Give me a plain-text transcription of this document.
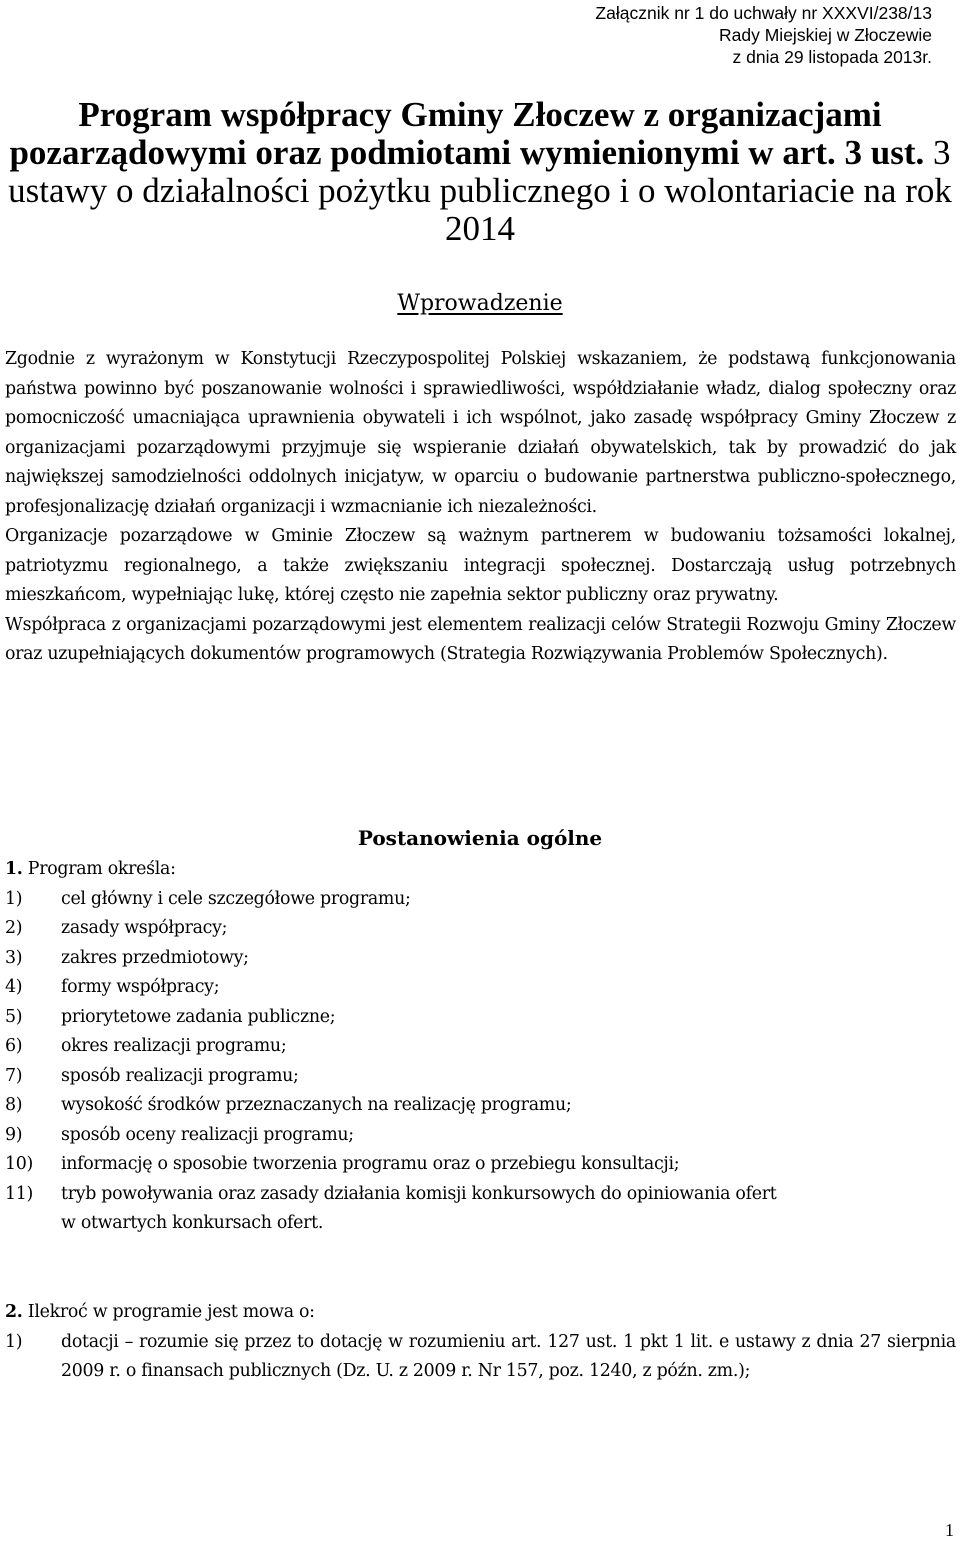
Załącznik nr 1 do uchwały nr XXXVI/238/13
Rady Miejskiej w Złoczewie
z dnia 29 listopada 2013r.
Program współpracy Gminy Złoczew z organizacjami pozarządowymi oraz podmiotami wymienionymi w art. 3 ust. 3 ustawy o działalności pożytku publicznego i o wolontariacie na rok 2014
Wprowadzenie

Zgodnie z wyrażonym w Konstytucji Rzeczypospolitej Polskiej wskazaniem, że podstawą funkcjonowania państwa powinno być poszanowanie wolności i sprawiedliwości, współdziałanie władz, dialog społeczny oraz pomocniczość umacniająca uprawnienia obywateli i ich wspólnot, jako zasadę współpracy Gminy Złoczew z organizacjami pozarządowymi przyjmuje się wspieranie działań obywatelskich, tak by prowadzić do jak największej samodzielności oddolnych inicjatyw, w oparciu o budowanie partnerstwa publiczno-społecznego, profesjonalizację działań organizacji i wzmacnianie ich niezależności.

Organizacje pozarządowe w Gminie Złoczew są ważnym partnerem w budowaniu tożsamości lokalnej, patriotyzmu regionalnego, a także zwiększaniu integracji społecznej. Dostarczają usług potrzebnych mieszkańcom, wypełniając lukę, której często nie zapełnia sektor publiczny oraz prywatny.

Współpraca z organizacjami pozarządowymi jest elementem realizacji celów Strategii Rozwoju Gminy Złoczew oraz uzupełniających dokumentów programowych (Strategia Rozwiązywania Problemów Społecznych).

Postanowienia ogólne
1. Program określa:
1)	cel główny i cele szczegółowe programu;
2)	zasady współpracy;
3)	zakres przedmiotowy;
4)	formy współpracy;
5)	priorytetowe zadania publiczne;
6)	okres realizacji programu;
7)	sposób realizacji programu;
8)	wysokość środków przeznaczanych na realizację programu;
9)	sposób oceny realizacji programu;
10)	informację o sposobie tworzenia programu oraz o przebiegu konsultacji;
11)	tryb powoływania oraz zasady działania komisji konkursowych do opiniowania ofert
w otwartych konkursach ofert.
2. Ilekroć w programie jest mowa o:
1)	dotacji – rozumie się przez to dotację w rozumieniu art. 127 ust. 1 pkt 1 lit. e ustawy z dnia 27 sierpnia 2009 r. o finansach publicznych (Dz. U. z 2009 r. Nr 157, poz. 1240, z późn. zm.);
1
